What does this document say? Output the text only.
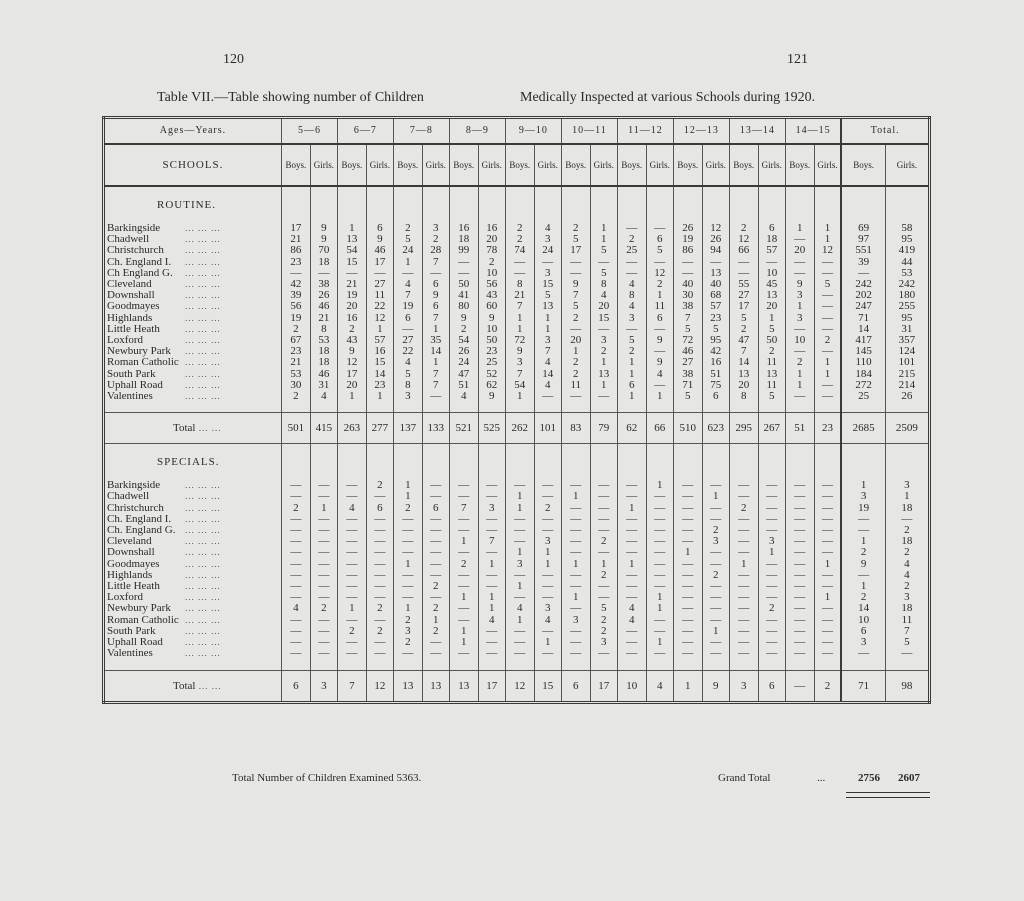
120	121
Table VII.—Table showing number of Children	Medically Inspected at various Schools during 1920.
Ages—Years.	5—6		6—7		7—8		8—9		9—10		10—11		11—12		12—13		13—14		14—15		Total.	
SCHOOLS.	Boys.	Girls.	Boys.	Girls.	Boys.	Girls.	Boys.	Girls.	Boys.	Girls.	Boys.	Girls.	Boys.	Girls.	Boys.	Girls.	Boys.	Girls.	Boys.	Girls.	Boys.	Girls.
ROUTINE.																						
Barkingside ... ... ...	17	9	1	6	2	3	16	16	2	4	2	1	—	—	26	12	2	6	1	1	69	58
Chadwell ... ... ...	21	9	13	9	5	2	18	20	2	3	5	1	2	6	19	26	12	18	—	1	97	95
Christchurch ... ... ...	86	70	54	46	24	28	99	78	74	24	17	5	25	5	86	94	66	57	20	12	551	419
Ch. England I. ... ... ...	23	18	15	17	1	7	—	2	—	—	—	—	—	—	—	—	—	—	—	—	39	44
Ch England G. ... ... ...	—	—	—	—	—	—	—	10	—	3	—	5	—	12	—	13	—	10	—	—	—	53
Cleveland ... ... ...	42	38	21	27	4	6	50	56	8	15	9	8	4	2	40	40	55	45	9	5	242	242
Downshall ... ... ...	39	26	19	11	7	9	41	43	21	5	7	4	8	1	30	68	27	13	3	—	202	180
Goodmayes ... ... ...	56	46	20	22	19	6	80	60	7	13	5	20	4	11	38	57	17	20	1	—	247	255
Highlands ... ... ...	19	21	16	12	6	7	9	9	1	1	2	15	3	6	7	23	5	1	3	—	71	95
Little Heath ... ... ...	2	8	2	1	—	1	2	10	1	1	—	—	—	—	5	5	2	5	—	—	14	31
Loxford ... ... ...	67	53	43	57	27	35	54	50	72	3	20	3	5	9	72	95	47	50	10	2	417	357
Newbury Park ... ... ...	23	18	9	16	22	14	26	23	9	7	1	2	2	—	46	42	7	2	—	—	145	124
Roman Catholic ... ... ...	21	18	12	15	4	1	24	25	3	4	2	1	1	9	27	16	14	11	2	1	110	101
South Park ... ... ...	53	46	17	14	5	7	47	52	7	14	2	13	1	4	38	51	13	13	1	1	184	215
Uphall Road ... ... ...	30	31	20	23	8	7	51	62	54	4	11	1	6	—	71	75	20	11	1	—	272	214
Valentines ... ... ...	2	4	1	1	3	—	4	9	1	—	—	—	1	1	5	6	8	5	—	—	25	26

Total ... ...	501	415	263	277	137	133	521	525	262	101	83	79	62	66	510	623	295	267	51	23	2685	2509
SPECIALS.																						
Barkingside ... ... ...	—	—	—	2	1	—	—	—	—	—	—	—	—	1	—	—	—	—	—	—	1	3
Chadwell ... ... ...	—	—	—	—	1	—	—	—	1	—	1	—	—	—	—	1	—	—	—	—	3	1
Christchurch ... ... ...	2	1	4	6	2	6	7	3	1	2	—	—	1	—	—	—	2	—	—	—	19	18
Ch. England I. ... ... ...	—	—	—	—	—	—	—	—	—	—	—	—	—	—	—	—	—	—	—	—	—	—
Ch. England G. ... ... ...	—	—	—	—	—	—	—	—	—	—	—	—	—	—	—	2	—	—	—	—	—	2
Cleveland ... ... ...	—	—	—	—	—	—	1	7	—	3	—	2	—	—	—	3	—	3	—	—	1	18
Downshall ... ... ...	—	—	—	—	—	—	—	—	1	1	—	—	—	—	1	—	—	1	—	—	2	2
Goodmayes ... ... ...	—	—	—	—	1	—	2	1	3	1	1	1	1	—	—	—	1	—	—	1	9	4
Highlands ... ... ...	—	—	—	—	—	—	—	—	—	—	—	2	—	—	—	2	—	—	—	—	—	4
Little Heath ... ... ...	—	—	—	—	—	2	—	—	1	—	—	—	—	—	—	—	—	—	—	—	1	2
Loxford ... ... ...	—	—	—	—	—	—	1	1	—	—	1	—	—	1	—	—	—	—	—	1	2	3
Newbury Park ... ... ...	4	2	1	2	1	2	—	1	4	3	—	5	4	1	—	—	—	2	—	—	14	18
Roman Catholic ... ... ...	—	—	—	—	2	1	—	4	1	4	3	2	4	—	—	—	—	—	—	—	10	11
South Park ... ... ...	—	—	2	2	3	2	1	—	—	—	—	2	—	—	—	1	—	—	—	—	6	7
Uphall Road ... ... ...	—	—	—	—	2	—	1	—	—	1	—	3	—	1	—	—	—	—	—	—	3	5
Valentines ... ... ...	—	—	—	—	—	—	—	—	—	—	—	—	—	—	—	—	—	—	—	—	—	—

Total ... ...	6	3	7	12	13	13	13	17	12	15	6	17	10	4	1	9	3	6	—	2	71	98
Total Number of Children Examined 5363.	Grand Total	...	2756 2607
